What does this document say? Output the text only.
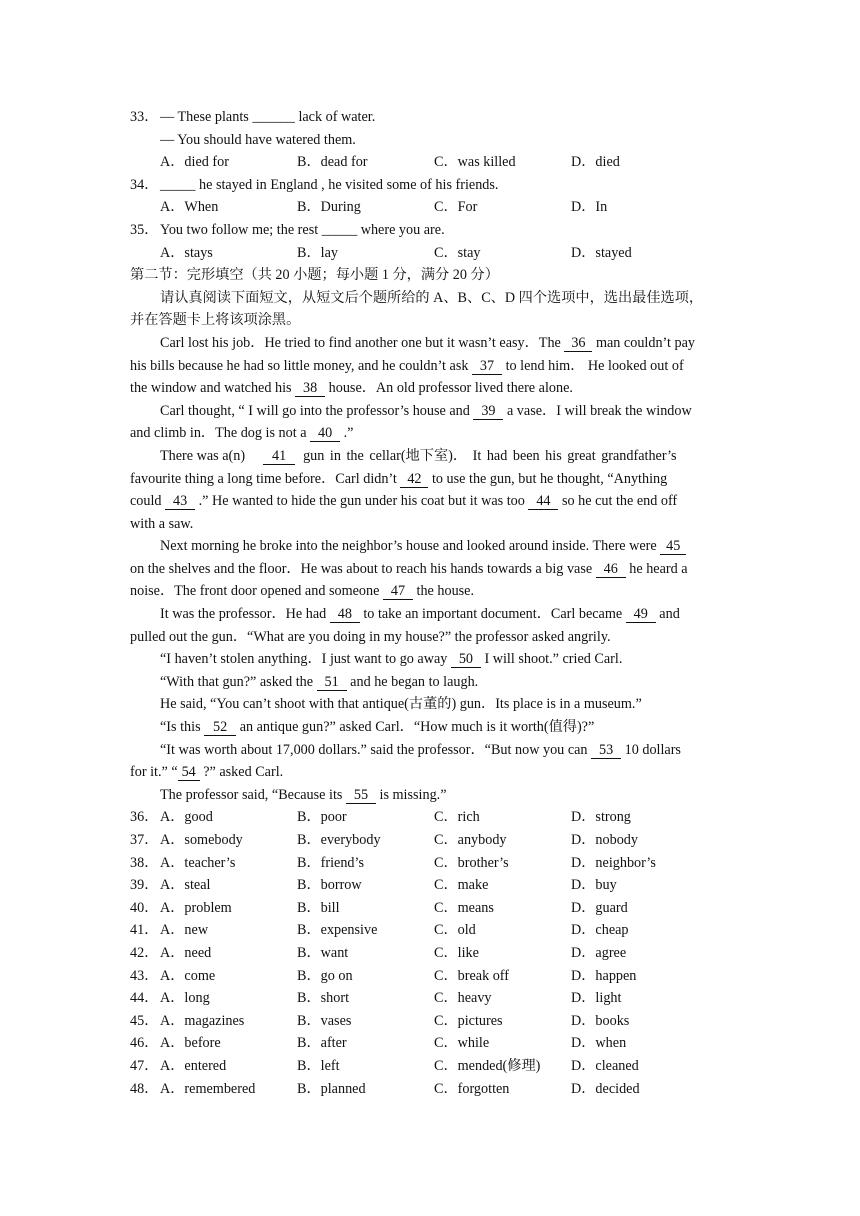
33． — These plants ______ lack of water.
— You should have watered them.
A．died for	B．dead for	C．was killed	D．died
34． _____ he stayed in England , he visited some of his friends.
A．When	B．During	C．For	D．In
35． You two follow me; the rest _____ where you are.
A．stays	B．lay	C．stay	D．stayed
第二节：完形填空（共 20 小题；每小题 1 分，满分 20 分）
请认真阅读下面短文，从短文后个题所给的 A、B、C、D 四个选项中，选出最佳选项，
并在答题卡上将该项涂黑。
Carl lost his job．He tried to find another one but it wasn’t easy．The 36 man couldn’t pay
his bills because he had so little money, and he couldn’t ask 37 to lend him． He looked out of
the window and watched his 38 house．An old professor lived there alone.
Carl thought, “ I will go into the professor’s house and 39 a vase．I will break the window
and climb in．The dog is not a 40 .”
There was a(n) 41 gun in the cellar(地下室)． It had been his great grandfather’s
favourite thing a long time before．Carl didn’t 42 to use the gun, but he thought, “Anything
could 43 .” He wanted to hide the gun under his coat but it was too 44 so he cut the end off
with a saw.
Next morning he broke into the neighbor’s house and looked around inside. There were 45
on the shelves and the floor．He was about to reach his hands towards a big vase 46 he heard a
noise．The front door opened and someone 47 the house.
It was the professor．He had 48 to take an important document．Carl became 49 and
pulled out the gun．“What are you doing in my house?” the professor asked angrily.
“I haven’t stolen anything．I just want to go away 50 I will shoot.” cried Carl.
“With that gun?” asked the 51 and he began to laugh.
He said, “You can’t shoot with that antique(古董的) gun．Its place is in a museum.”
“Is this 52 an antique gun?” asked Carl．“How much is it worth(值得)?”
“It was worth about 17,000 dollars.” said the professor．“But now you can 53 10 dollars
for it.” “ 54 ?” asked Carl.
The professor said, “Because its 55 is missing.”
36． A．good	B．poor	C．rich	D．strong
37． A．somebody	B．everybody	C．anybody	D．nobody
38． A．teacher’s	B．friend’s	C．brother’s	D．neighbor’s
39． A．steal	B．borrow	C．make	D．buy
40． A．problem	B．bill	C．means	D．guard
41． A．new	B．expensive	C．old	D．cheap
42． A．need	B．want	C．like	D．agree
43． A．come	B．go on	C．break off	D．happen
44． A．long	B．short	C．heavy	D．light
45． A．magazines	B．vases	C．pictures	D．books
46． A．before	B．after	C．while	D．when
47． A．entered	B．left	C．mended(修理) D．cleaned
48． A．remembered	B．planned	C．forgotten	D．decided
